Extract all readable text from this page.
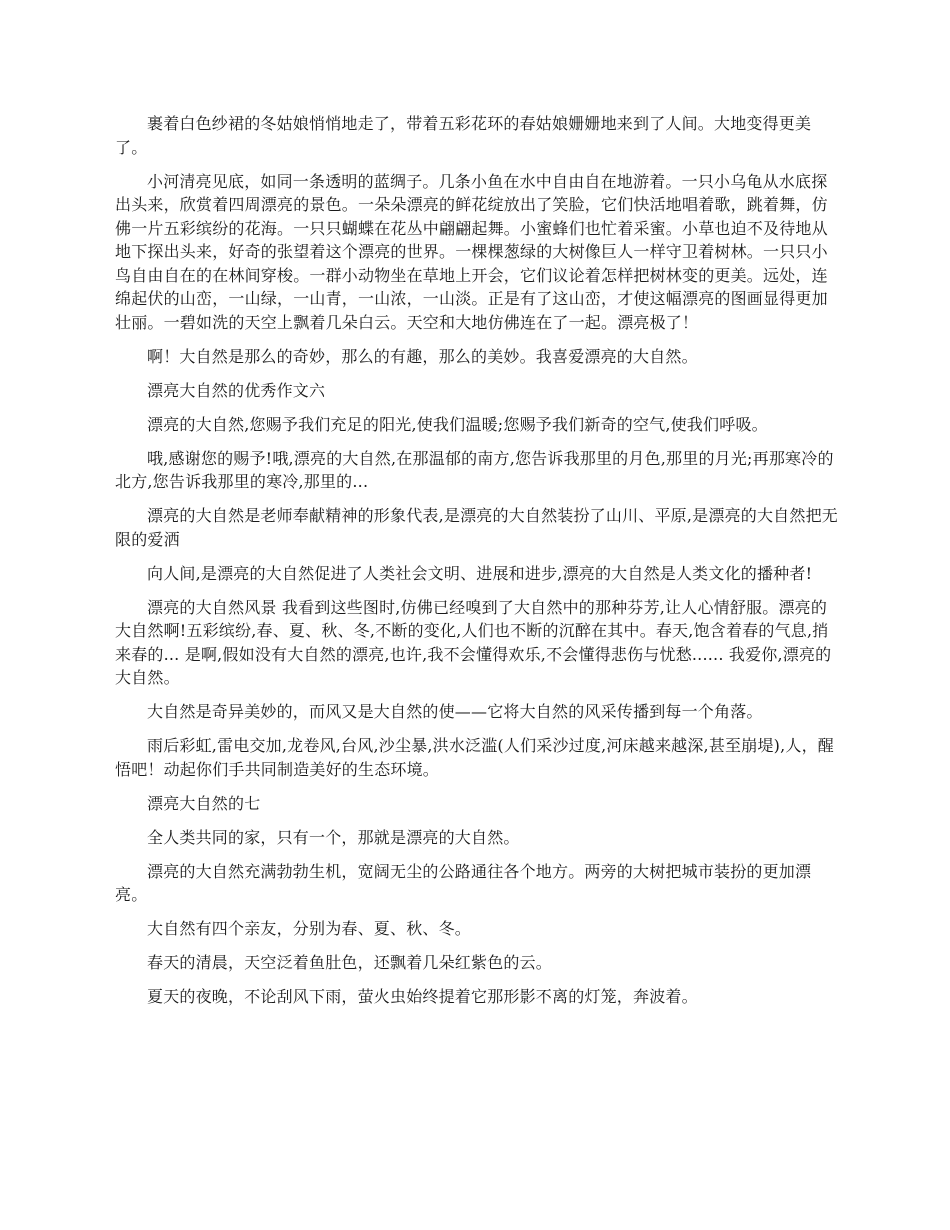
裹着白色纱裙的冬姑娘悄悄地走了，带着五彩花环的春姑娘姗姗地来到了人间。大地变得更美了。

小河清亮见底，如同一条透明的蓝绸子。几条小鱼在水中自由自在地游着。一只小乌龟从水底探出头来，欣赏着四周漂亮的景色。一朵朵漂亮的鲜花绽放出了笑脸，它们快活地唱着歌，跳着舞，仿佛一片五彩缤纷的花海。一只只蝴蝶在花丛中翩翩起舞。小蜜蜂们也忙着采蜜。小草也迫不及待地从地下探出头来，好奇的张望着这个漂亮的世界。一棵棵葱绿的大树像巨人一样守卫着树林。一只只小鸟自由自在的在林间穿梭。一群小动物坐在草地上开会，它们议论着怎样把树林变的更美。远处，连绵起伏的山峦，一山绿，一山青，一山浓，一山淡。正是有了这山峦，才使这幅漂亮的图画显得更加壮丽。一碧如洗的天空上飘着几朵白云。天空和大地仿佛连在了一起。漂亮极了！

啊！大自然是那么的奇妙，那么的有趣，那么的美妙。我喜爱漂亮的大自然。

漂亮大自然的优秀作文六

漂亮的大自然,您赐予我们充足的阳光,使我们温暖;您赐予我们新奇的空气,使我们呼吸。

哦,感谢您的赐予!哦,漂亮的大自然,在那温郁的南方,您告诉我那里的月色,那里的月光;再那寒冷的北方,您告诉我那里的寒冷,那里的...

漂亮的大自然是老师奉献精神的形象代表,是漂亮的大自然装扮了山川、平原,是漂亮的大自然把无限的爱洒

向人间,是漂亮的大自然促进了人类社会文明、进展和进步,漂亮的大自然是人类文化的播种者!

漂亮的大自然风景 我看到这些图时,仿佛已经嗅到了大自然中的那种芬芳,让人心情舒服。漂亮的大自然啊!五彩缤纷,春、夏、秋、冬,不断的变化,人们也不断的沉醉在其中。春天,饱含着春的气息,捎来春的... 是啊,假如没有大自然的漂亮,也许,我不会懂得欢乐,不会懂得悲伤与忧愁...... 我爱你,漂亮的大自然。

大自然是奇异美妙的，而风又是大自然的使——它将大自然的风采传播到每一个角落。

雨后彩虹,雷电交加,龙卷风,台风,沙尘暴,洪水泛滥(人们采沙过度,河床越来越深,甚至崩堤),人，醒悟吧！动起你们手共同制造美好的生态环境。

漂亮大自然的七

全人类共同的家，只有一个，那就是漂亮的大自然。

漂亮的大自然充满勃勃生机，宽阔无尘的公路通往各个地方。两旁的大树把城市装扮的更加漂亮。

大自然有四个亲友，分别为春、夏、秋、冬。

春天的清晨，天空泛着鱼肚色，还飘着几朵红紫色的云。

夏天的夜晚，不论刮风下雨，萤火虫始终提着它那形影不离的灯笼，奔波着。
